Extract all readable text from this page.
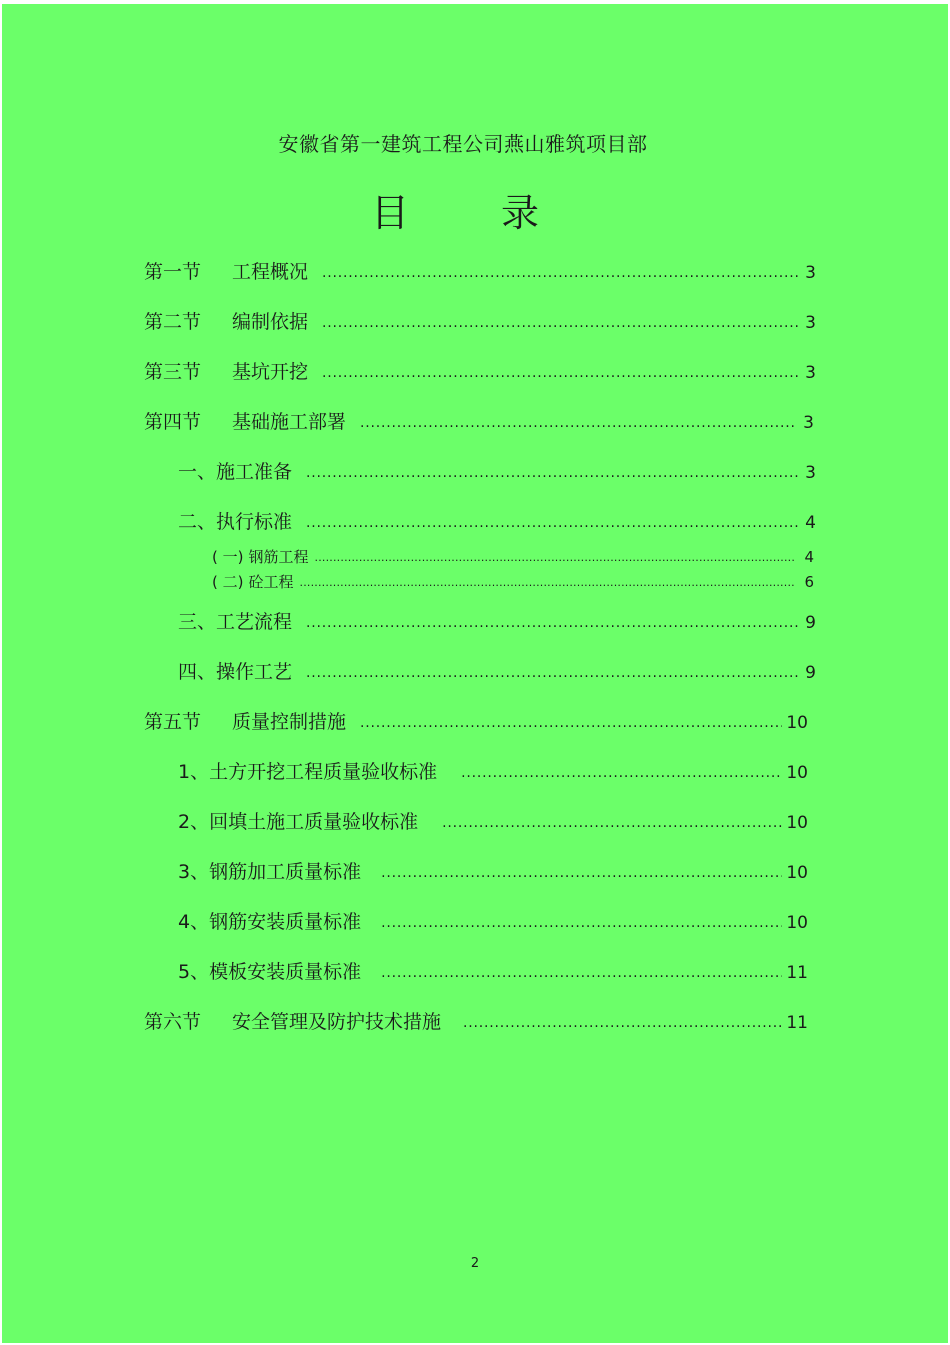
安徽省第一建筑工程公司燕山雅筑项目部
目 录
第一节	工程概况 .....	3
第二节	编制依据 .....	3
第三节	基坑开挖 .....	3
第四节	基础施工部署 .....	3
一、 施工准备 .....	3
二、 执行标准 .....	4
( 一) 钢筋工程 .....	4
( 二) 砼工程 .....	6
三、 工艺流程 .....	9
四、 操作工艺 .....	9
第五节	质量控制措施 .....	10
1、 土方开挖工程质量验收标准 .....	10
2、 回填土施工质量验收标准 .....	10
3、 钢筋加工质量标准 .....	10
4、 钢筋安装质量标准 .....	10
5、 模板安装质量标准 .....	11
第六节	安全管理及防护技术措施 .....	11
2
